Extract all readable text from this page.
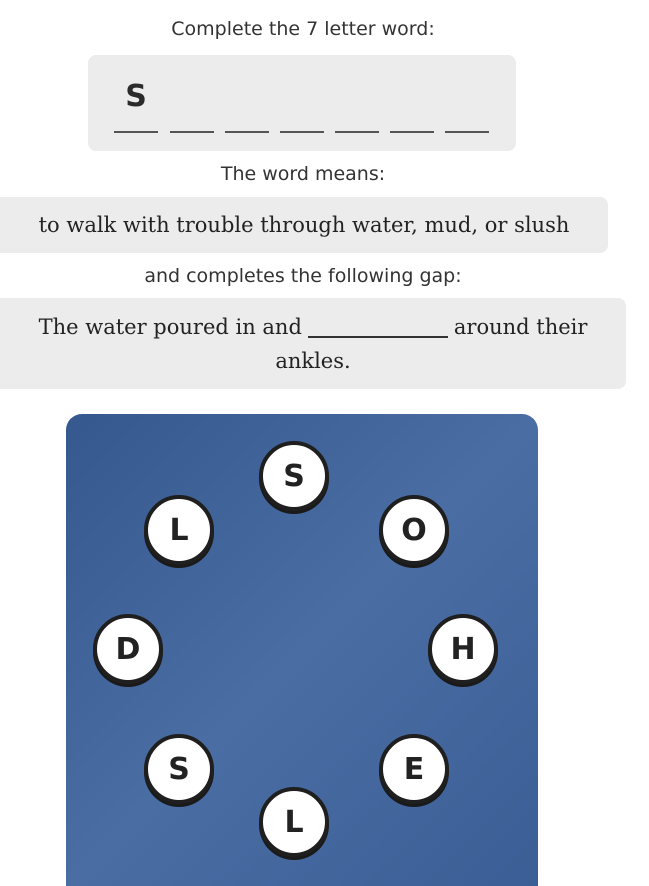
Complete the 7 letter word:
S
The word means:
to walk with trouble through water, mud, or slush
and completes the following gap:
The water poured in and	around their ankles.
S
O
H
E
L
S
D
L
